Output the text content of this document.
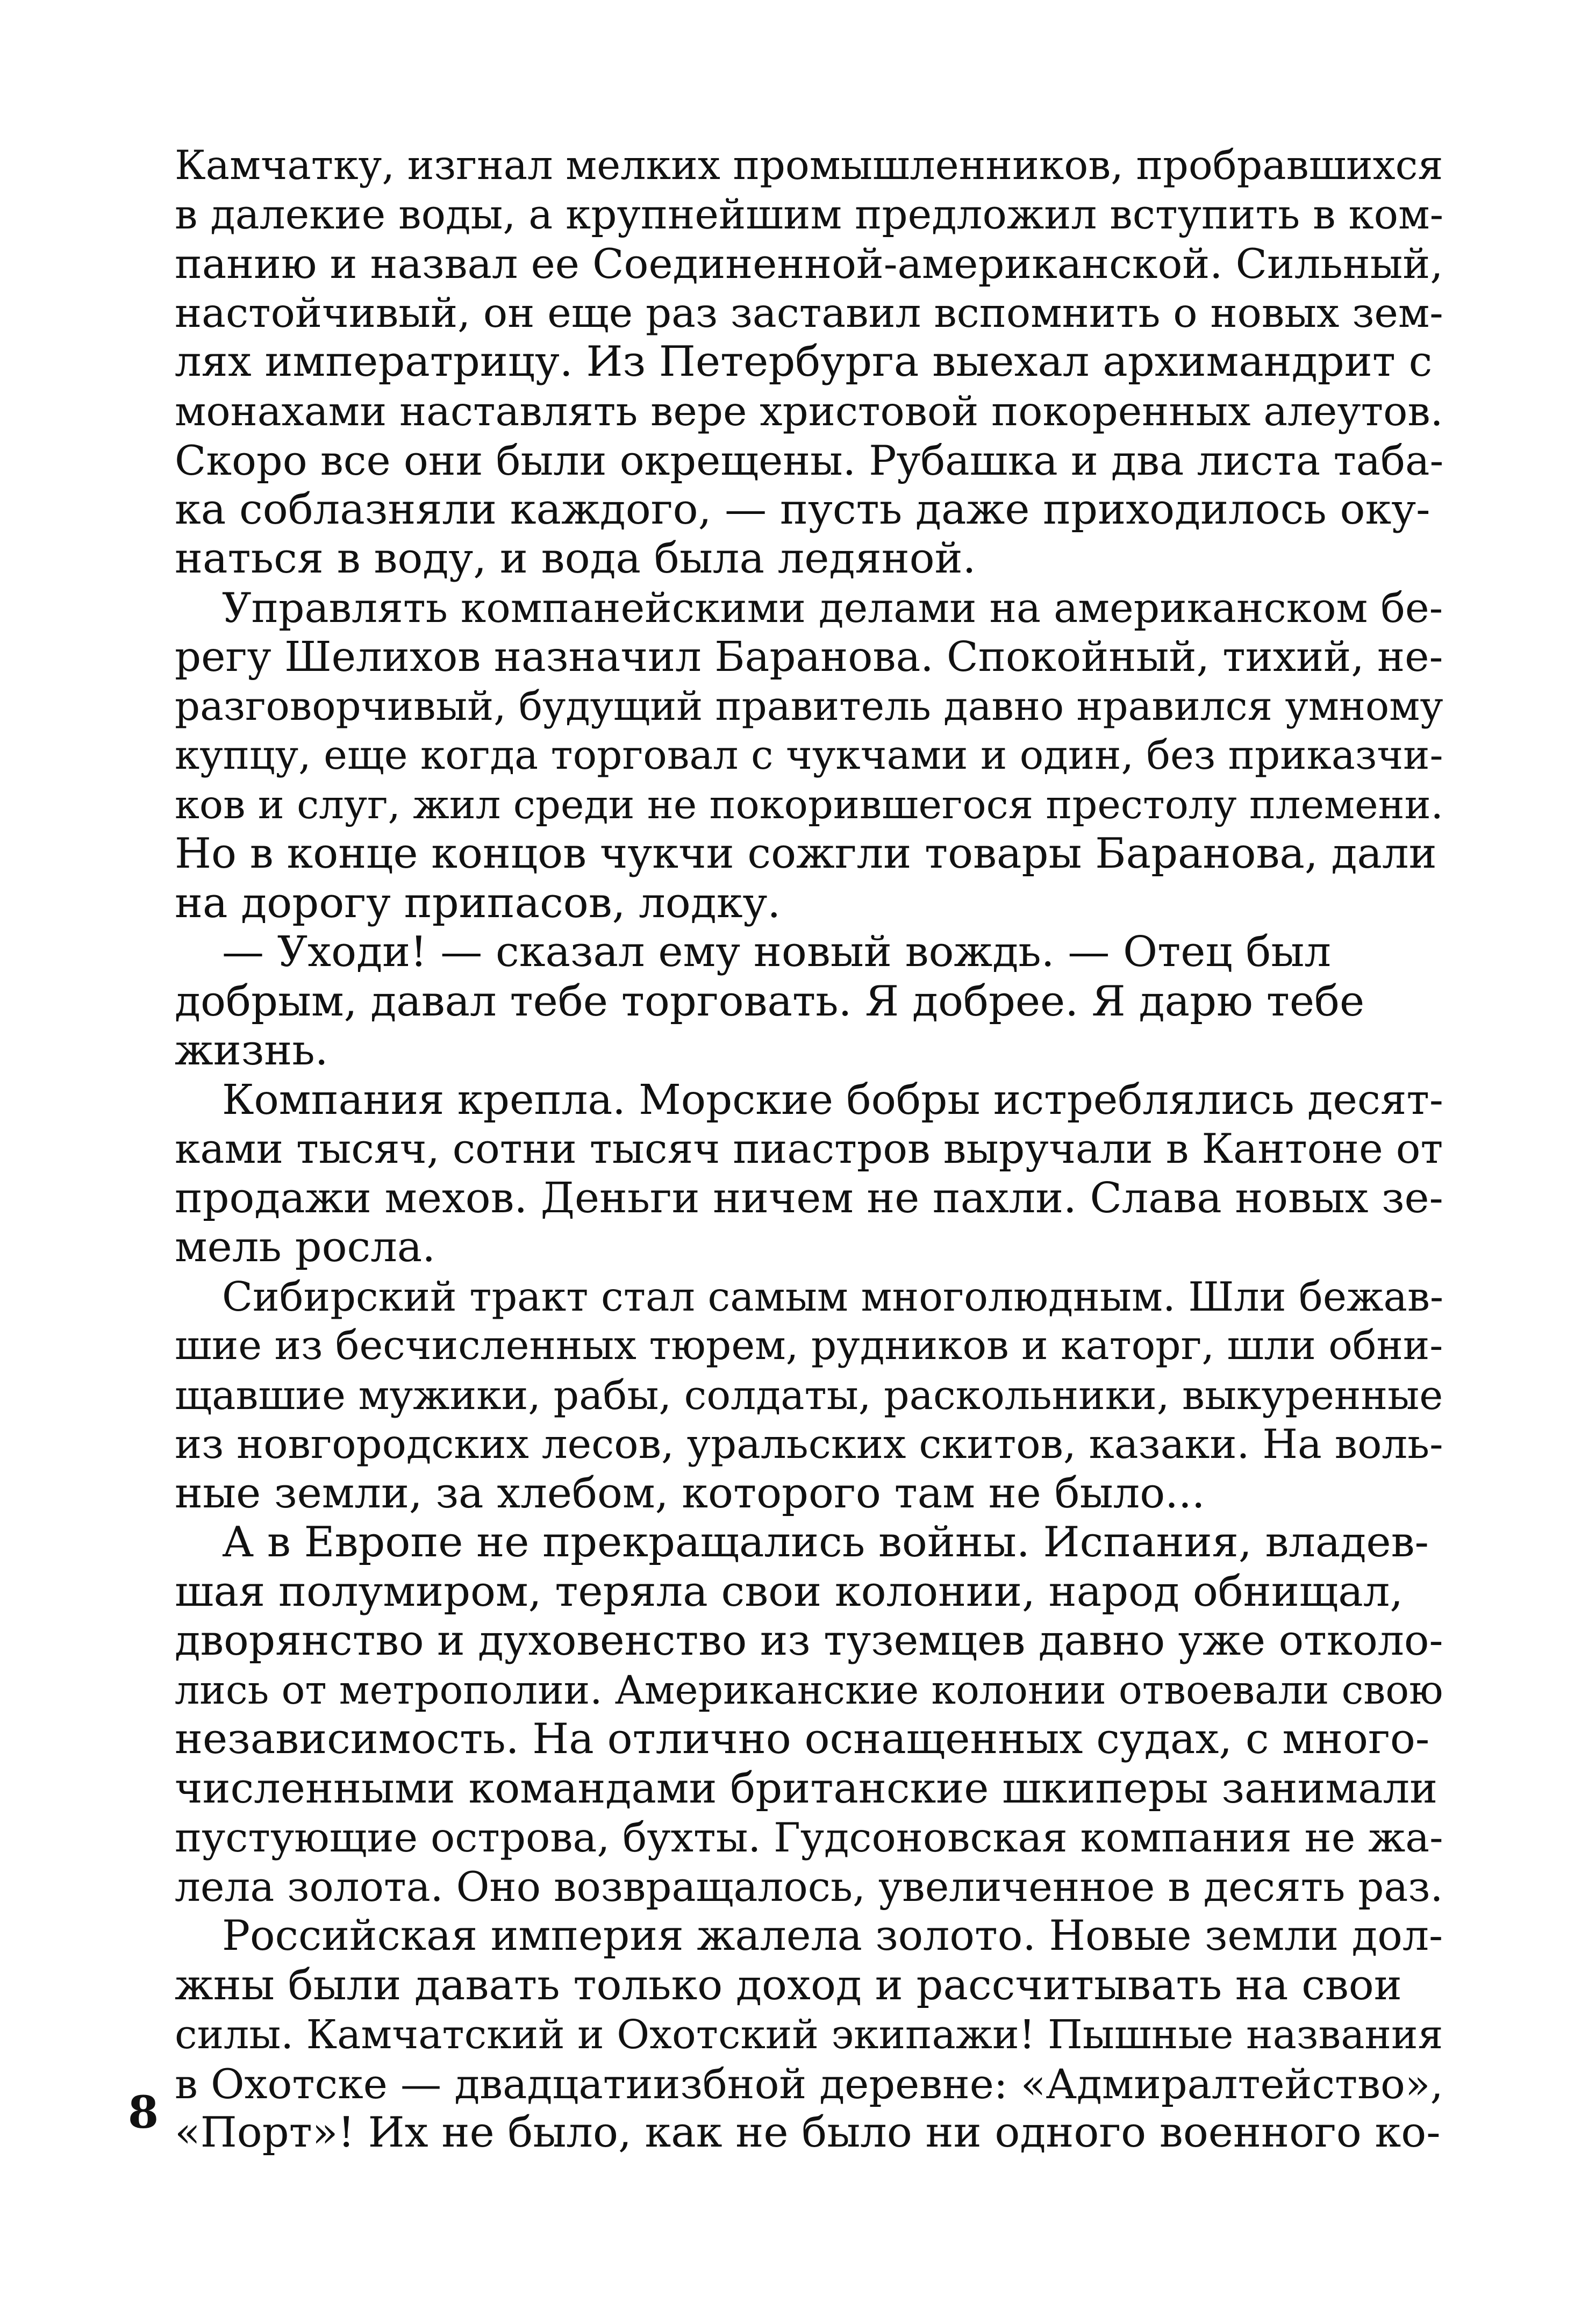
Камчатку, изгнал мелких промышленников, пробравшихся
в далекие воды, а крупнейшим предложил вступить в ком-
панию и назвал ее Соединенной-американской. Сильный,
настойчивый, он еще раз заставил вспомнить о новых зем-
лях императрицу. Из Петербурга выехал архимандрит с
монахами наставлять вере христовой покоренных алеутов.
Скоро все они были окрещены. Рубашка и два листа таба-
ка соблазняли каждого, — пусть даже приходилось оку-
наться в воду, и вода была ледяной.
Управлять компанейскими делами на американском бе-
регу Шелихов назначил Баранова. Спокойный, тихий, не-
разговорчивый, будущий правитель давно нравился умному
купцу, еще когда торговал с чукчами и один, без приказчи-
ков и слуг, жил среди не покорившегося престолу племени.
Но в конце концов чукчи сожгли товары Баранова, дали
на дорогу припасов, лодку.
— Уходи! — сказал ему новый вождь. — Отец был
добрым, давал тебе торговать. Я добрее. Я дарю тебе
жизнь.
Компания крепла. Морские бобры истреблялись десят-
ками тысяч, сотни тысяч пиастров выручали в Кантоне от
продажи мехов. Деньги ничем не пахли. Слава новых зе-
мель росла.
Сибирский тракт стал самым многолюдным. Шли бежав-
шие из бесчисленных тюрем, рудников и каторг, шли обни-
щавшие мужики, рабы, солдаты, раскольники, выкуренные
из новгородских лесов, уральских скитов, казаки. На воль-
ные земли, за хлебом, которого там не было...
А в Европе не прекращались войны. Испания, владев-
шая полумиром, теряла свои колонии, народ обнищал,
дворянство и духовенство из туземцев давно уже отколо-
лись от метрополии. Американские колонии отвоевали свою
независимость. На отлично оснащенных судах, с много-
численными командами британские шкиперы занимали
пустующие острова, бухты. Гудсоновская компания не жа-
лела золота. Оно возвращалось, увеличенное в десять раз.
Российская империя жалела золото. Новые земли дол-
жны были давать только доход и рассчитывать на свои
силы. Камчатский и Охотский экипажи! Пышные названия
в Охотске — двадцатиизбной деревне: «Адмиралтейство»,
«Порт»! Их не было, как не было ни одного военного ко-
8
